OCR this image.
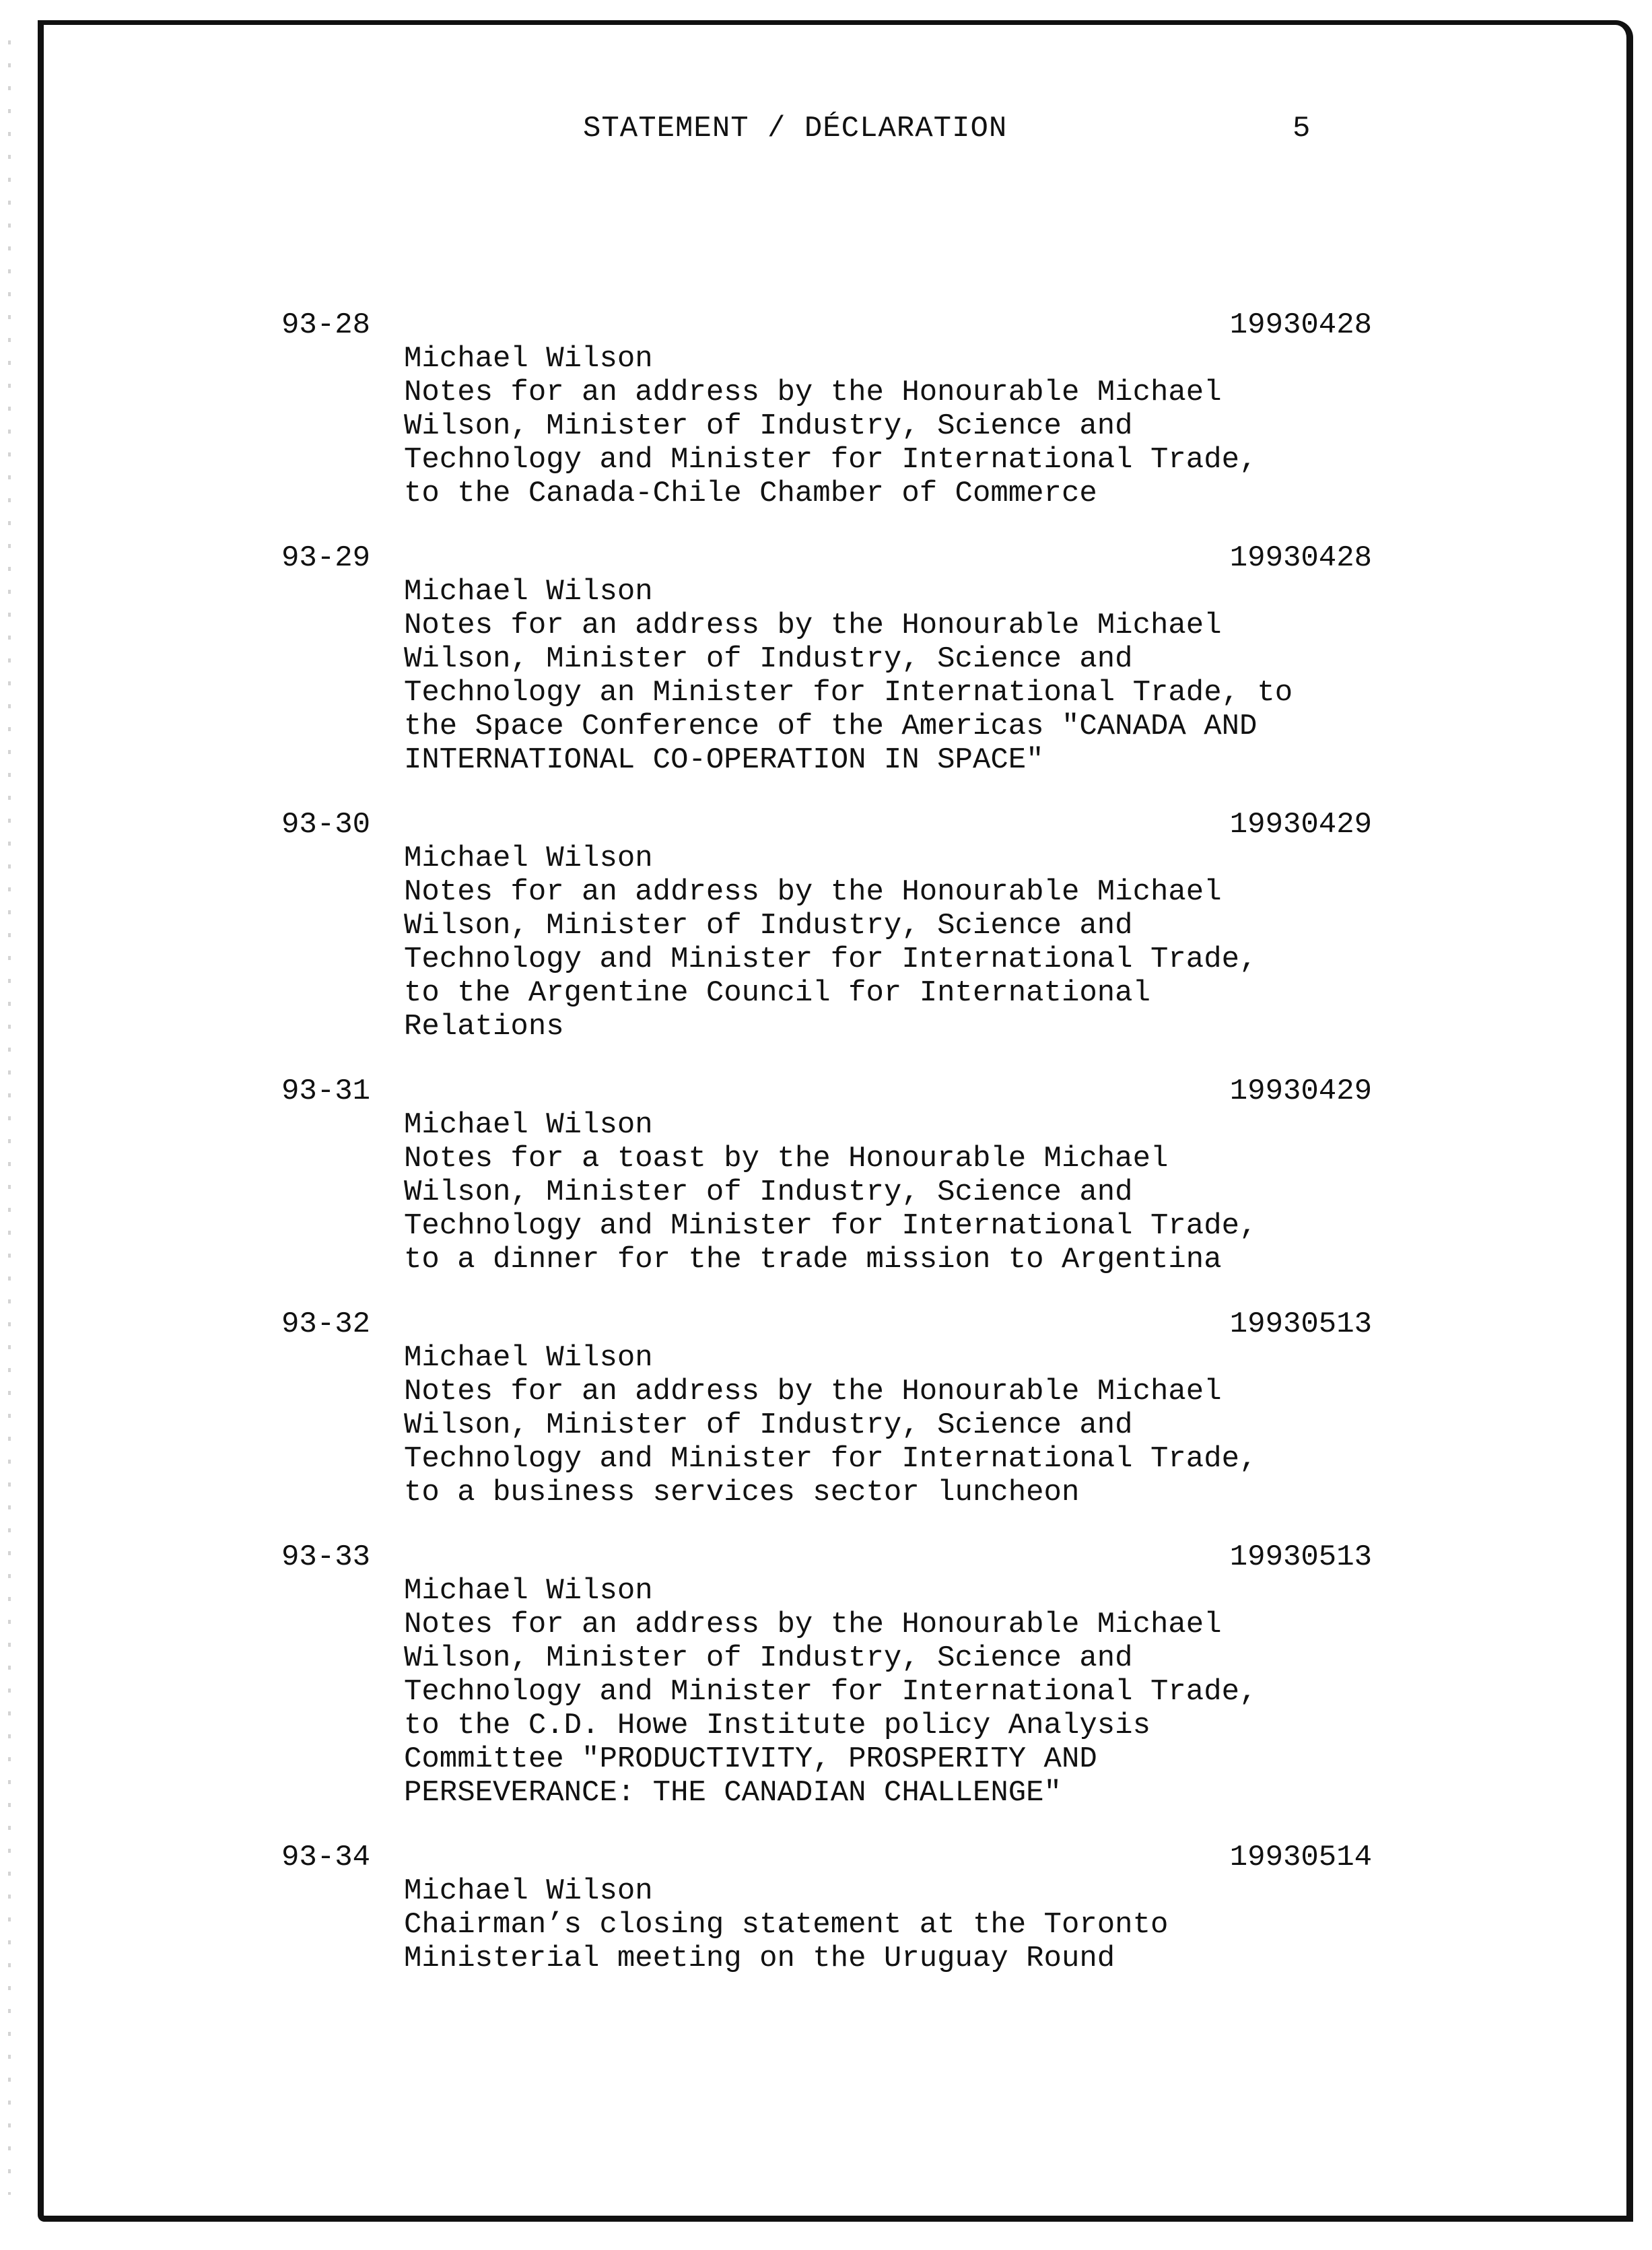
STATEMENT / DÉCLARATION	5
93-28	19930428
Michael Wilson
Notes for an address by the Honourable Michael
Wilson, Minister of Industry, Science and
Technology and Minister for International Trade,
to the Canada-Chile Chamber of Commerce
93-29	19930428
Michael Wilson
Notes for an address by the Honourable Michael
Wilson, Minister of Industry, Science and
Technology an Minister for International Trade, to
the Space Conference of the Americas "CANADA AND
INTERNATIONAL CO-OPERATION IN SPACE"
93-30	19930429
Michael Wilson
Notes for an address by the Honourable Michael
Wilson, Minister of Industry, Science and
Technology and Minister for International Trade,
to the Argentine Council for International
Relations
93-31	19930429
Michael Wilson
Notes for a toast by the Honourable Michael
Wilson, Minister of Industry, Science and
Technology and Minister for International Trade,
to a dinner for the trade mission to Argentina
93-32	19930513
Michael Wilson
Notes for an address by the Honourable Michael
Wilson, Minister of Industry, Science and
Technology and Minister for International Trade,
to a business services sector luncheon
93-33	19930513
Michael Wilson
Notes for an address by the Honourable Michael
Wilson, Minister of Industry, Science and
Technology and Minister for International Trade,
to the C.D. Howe Institute policy Analysis
Committee "PRODUCTIVITY, PROSPERITY AND
PERSEVERANCE: THE CANADIAN CHALLENGE"
93-34	19930514
Michael Wilson
Chairman’s closing statement at the Toronto
Ministerial meeting on the Uruguay Round
